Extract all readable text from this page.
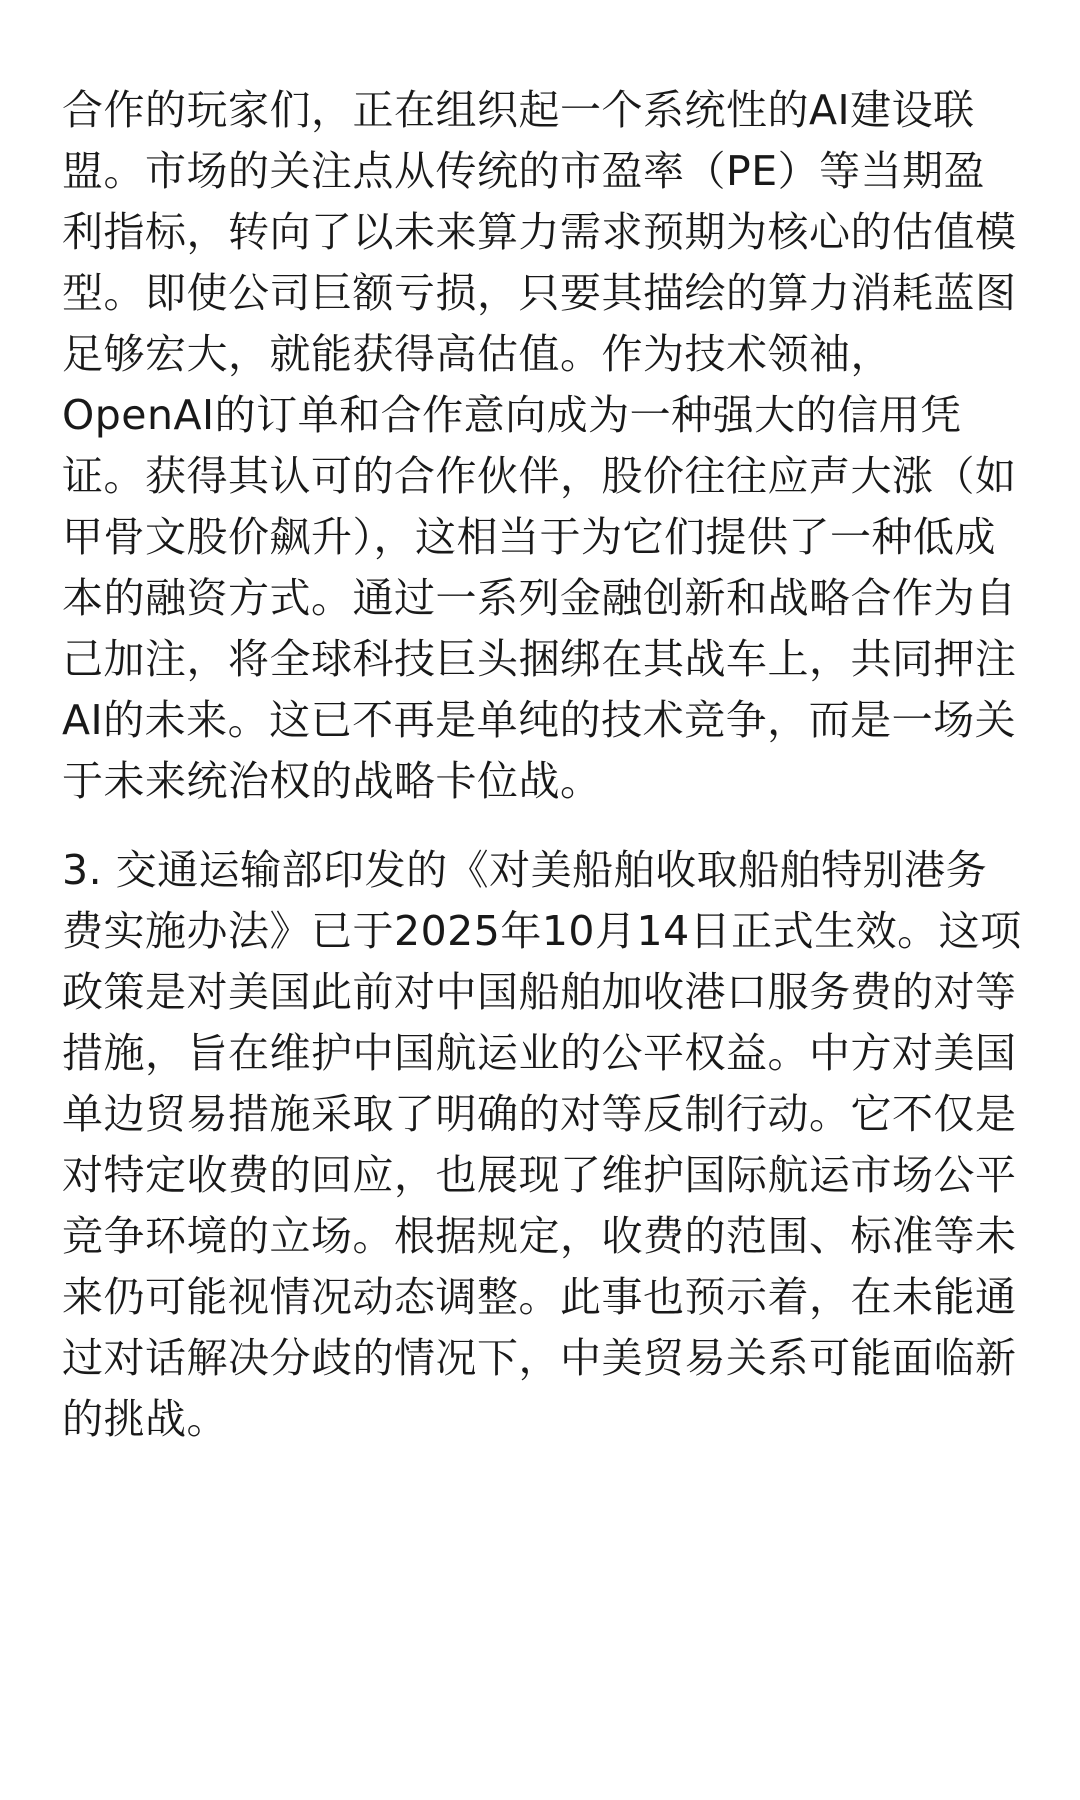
合作的玩家们，正在组织起一个系统性的AI建设联
盟。市场的关注点从传统的市盈率（PE）等当期盈
利指标，转向了以未来算力需求预期为核心的估值模
型。即使公司巨额亏损，只要其描绘的算力消耗蓝图
足够宏大，就能获得高估值。作为技术领袖，
OpenAI的订单和合作意向成为一种强大的信用凭
证。获得其认可的合作伙伴，股价往往应声大涨（如
甲骨文股价飙升），这相当于为它们提供了一种低成
本的融资方式。通过一系列金融创新和战略合作为自
己加注，将全球科技巨头捆绑在其战车上，共同押注
AI的未来。这已不再是单纯的技术竞争，而是一场关
于未来统治权的战略卡位战。

3. 交通运输部印发的《对美船舶收取船舶特别港务
费实施办法》已于2025年10月14日正式生效。这项
政策是对美国此前对中国船舶加收港口服务费的对等
措施，旨在维护中国航运业的公平权益。中方对美国
单边贸易措施采取了明确的对等反制行动。它不仅是
对特定收费的回应，也展现了维护国际航运市场公平
竞争环境的立场。根据规定，收费的范围、标准等未
来仍可能视情况动态调整。此事也预示着，在未能通
过对话解决分歧的情况下，中美贸易关系可能面临新
的挑战。
